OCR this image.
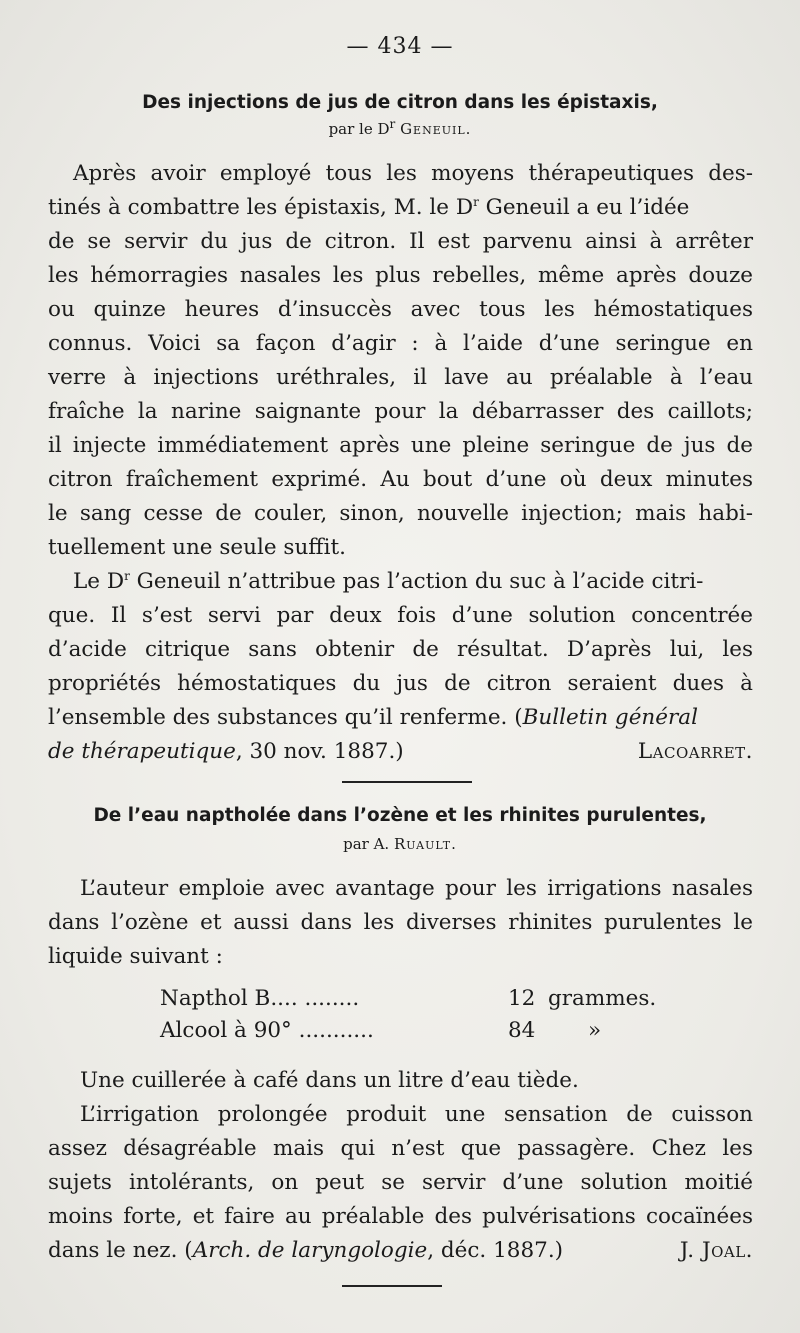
— 434 —
Des injections de jus de citron dans les épistaxis,
par le $D^r$ Geneuil.
Après avoir employé tous les moyens thérapeutiques des-
tinés à combattre les épistaxis, M. le $D^r$ Geneuil a eu l’idée
de se servir du jus de citron. Il est parvenu ainsi à arrêter
les hémorragies nasales les plus rebelles, même après douze
ou quinze heures d’insuccès avec tous les hémostatiques
connus. Voici sa façon d’agir : à l’aide d’une seringue en
verre à injections uréthrales, il lave au préalable à l’eau
fraîche la narine saignante pour la débarrasser des caillots;
il injecte immédiatement après une pleine seringue de jus de
citron fraîchement exprimé. Au bout d’une où deux minutes
le sang cesse de couler, sinon, nouvelle injection; mais habi-
tuellement une seule suffit.
Le $D^r$ Geneuil n’attribue pas l’action du suc à l’acide citri-
que. Il s’est servi par deux fois d’une solution concentrée
d’acide citrique sans obtenir de résultat. D’après lui, les
propriétés hémostatiques du jus de citron seraient dues à
l’ensemble des substances qu’il renferme. (Bulletin général
de thérapeutique, 30 nov. 1887.)	Lacoarret.
De l’eau naptholée dans l’ozène et les rhinites purulentes,
par A. Ruault.
L’auteur emploie avec avantage pour les irrigations nasales
dans l’ozène et aussi dans les diverses rhinites purulentes le
liquide suivant :
Napthol B.... ........	12 grammes.
Alcool à 90° ...........	84 »
Une cuillerée à café dans un litre d’eau tiède.
L’irrigation prolongée produit une sensation de cuisson
assez désagréable mais qui n’est que passagère. Chez les
sujets intolérants, on peut se servir d’une solution moitié
moins forte, et faire au préalable des pulvérisations cocaïnées
dans le nez. (Arch. de laryngologie, déc. 1887.)	J. Joal.
